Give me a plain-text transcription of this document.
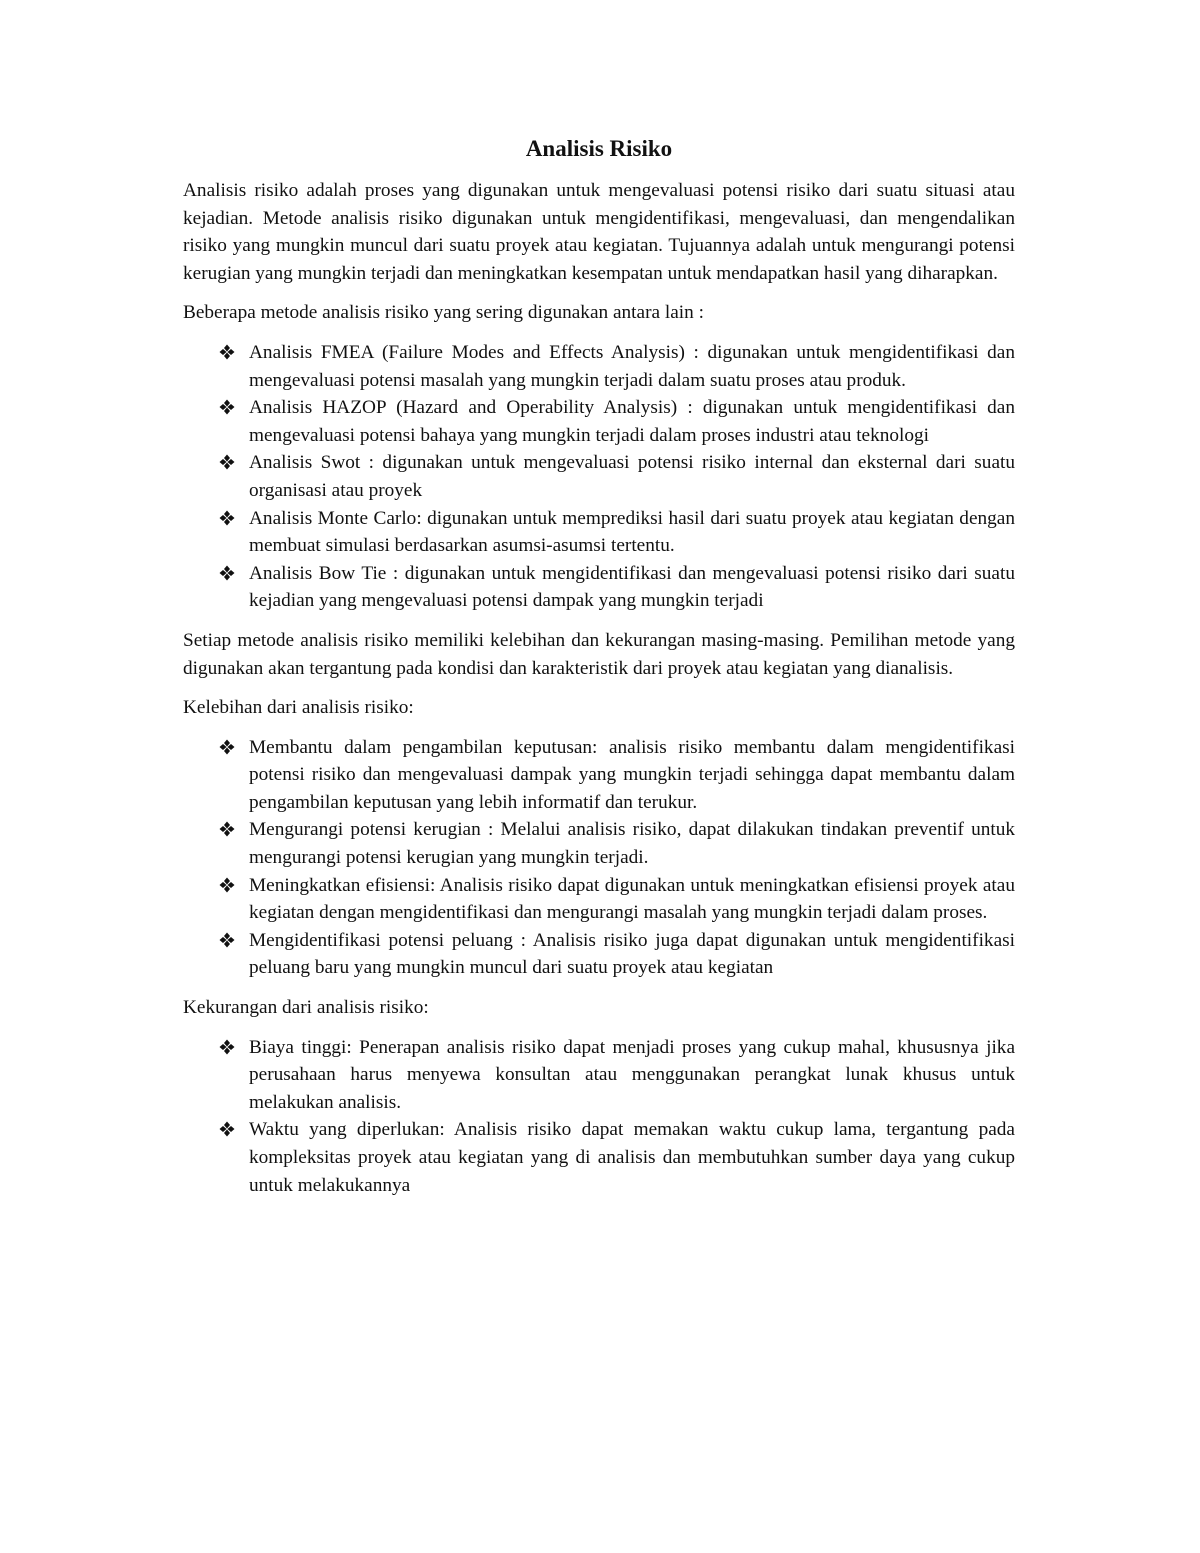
Analisis Risiko

Analisis risiko adalah proses yang digunakan untuk mengevaluasi potensi risiko dari suatu situasi atau kejadian. Metode analisis risiko digunakan untuk mengidentifikasi, mengevaluasi, dan mengendalikan risiko yang mungkin muncul dari suatu proyek atau kegiatan. Tujuannya adalah untuk mengurangi potensi kerugian yang mungkin terjadi dan meningkatkan kesempatan untuk mendapatkan hasil yang diharapkan.

Beberapa metode analisis risiko yang sering digunakan antara lain :

Analisis FMEA (Failure Modes and Effects Analysis) : digunakan untuk mengidentifikasi dan mengevaluasi potensi masalah yang mungkin terjadi dalam suatu proses atau produk.
Analisis HAZOP (Hazard and Operability Analysis) : digunakan untuk mengidentifikasi dan mengevaluasi potensi bahaya yang mungkin terjadi dalam proses industri atau teknologi
Analisis Swot : digunakan untuk mengevaluasi potensi risiko internal dan eksternal dari suatu organisasi atau proyek
Analisis Monte Carlo: digunakan untuk memprediksi hasil dari suatu proyek atau kegiatan dengan membuat simulasi berdasarkan asumsi-asumsi tertentu.
Analisis Bow Tie : digunakan untuk mengidentifikasi dan mengevaluasi potensi risiko dari suatu kejadian yang mengevaluasi potensi dampak yang mungkin terjadi

Setiap metode analisis risiko memiliki kelebihan dan kekurangan masing-masing. Pemilihan metode yang digunakan akan tergantung pada kondisi dan karakteristik dari proyek atau kegiatan yang dianalisis.

Kelebihan dari analisis risiko:

Membantu dalam pengambilan keputusan: analisis risiko membantu dalam mengidentifikasi potensi risiko dan mengevaluasi dampak yang mungkin terjadi sehingga dapat membantu dalam pengambilan keputusan yang lebih informatif dan terukur.
Mengurangi potensi kerugian : Melalui analisis risiko, dapat dilakukan tindakan preventif untuk mengurangi potensi kerugian yang mungkin terjadi.
Meningkatkan efisiensi: Analisis risiko dapat digunakan untuk meningkatkan efisiensi proyek atau kegiatan dengan mengidentifikasi dan mengurangi masalah yang mungkin terjadi dalam proses.
Mengidentifikasi potensi peluang : Analisis risiko juga dapat digunakan untuk mengidentifikasi peluang baru yang mungkin muncul dari suatu proyek atau kegiatan

Kekurangan dari analisis risiko:

Biaya tinggi: Penerapan analisis risiko dapat menjadi proses yang cukup mahal, khususnya jika perusahaan harus menyewa konsultan atau menggunakan perangkat lunak khusus untuk melakukan analisis.
Waktu yang diperlukan: Analisis risiko dapat memakan waktu cukup lama, tergantung pada kompleksitas proyek atau kegiatan yang di analisis dan membutuhkan sumber daya yang cukup untuk melakukannya
